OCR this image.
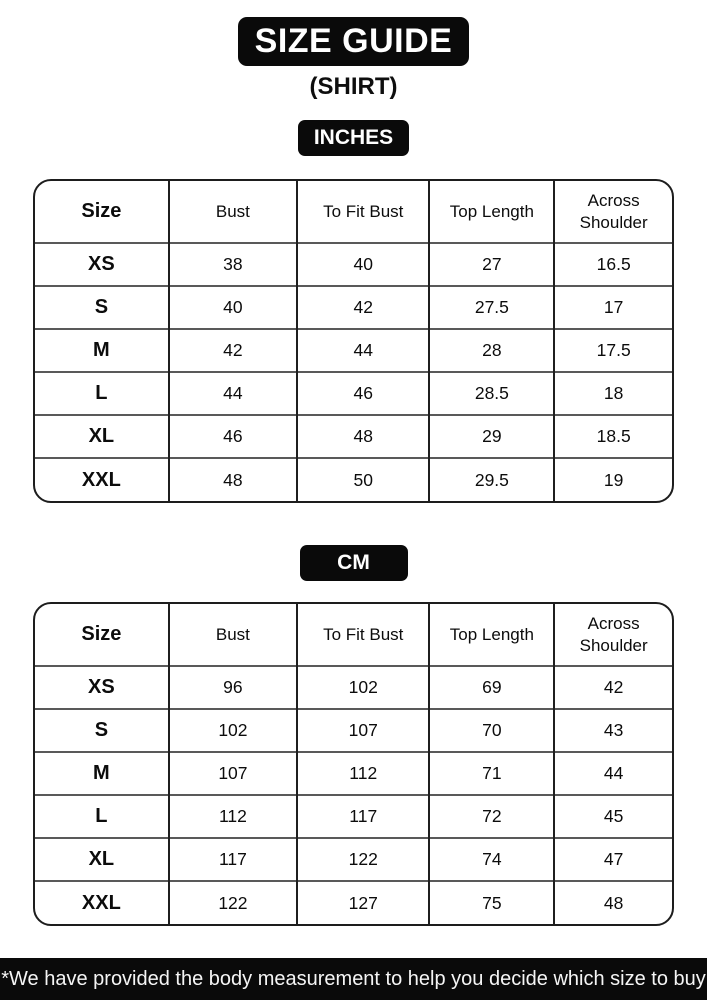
SIZE GUIDE
(SHIRT)
INCHES
Size	Bust	To Fit Bust	Top Length	Across Shoulder
XS	38	40	27	16.5
S	40	42	27.5	17
M	42	44	28	17.5
L	44	46	28.5	18
XL	46	48	29	18.5
XXL	48	50	29.5	19
CM
Size	Bust	To Fit Bust	Top Length	Across Shoulder
XS	96	102	69	42
S	102	107	70	43
M	107	112	71	44
L	112	117	72	45
XL	117	122	74	47
XXL	122	127	75	48
*We have provided the body measurement to help you decide which size to buy
